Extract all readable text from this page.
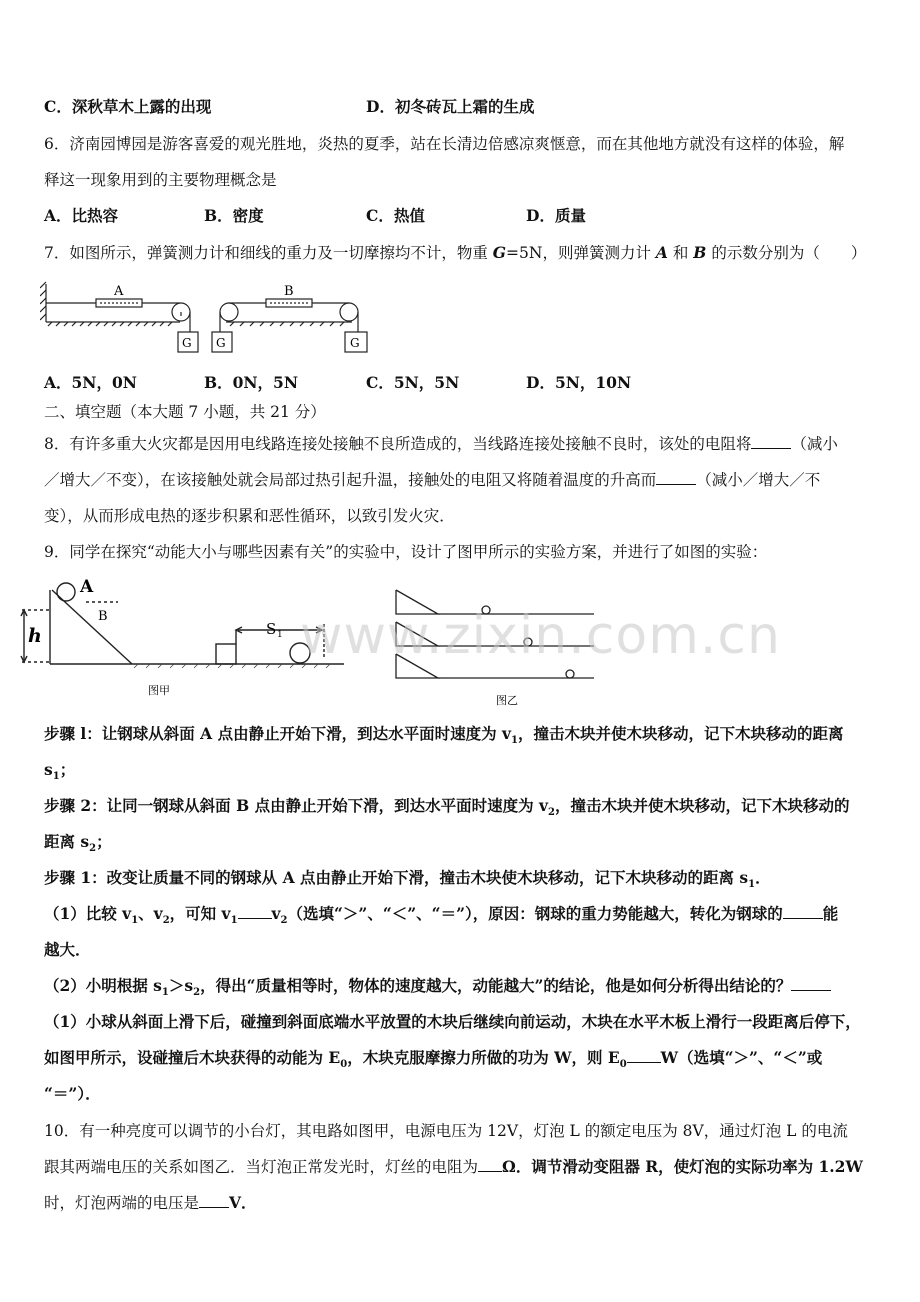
C．深秋草木上露的出现	D．初冬砖瓦上霜的生成
6．济南园博园是游客喜爱的观光胜地，炎热的夏季，站在长清边倍感凉爽惬意，而在其他地方就没有这样的体验，解
释这一现象用到的主要物理概念是
A．比热容	B．密度	C．热值	D．质量
7．如图所示，弹簧测力计和细线的重力及一切摩擦均不计，物重 G=5N，则弹簧测力计 A 和 B 的示数分别为（　　）
A	B
G G	G
A．5N，0N	B．0N，5N	C．5N，5N	D．5N，10N
二、填空题（本大题 7 小题，共 21 分）
8．有许多重大火灾都是因用电线路连接处接触不良所造成的，当线路连接处接触不良时，该处的电阻将	（减小
／增大／不变），在该接触处就会局部过热引起升温，接触处的电阻又将随着温度的升高而	（减小／增大／不
变），从而形成电热的逐步积累和恶性循环，以致引发火灾．
9．同学在探究“动能大小与哪些因素有关”的实验中，设计了图甲所示的实验方案，并进行了如图的实验：
A
B
h	S 1
图甲
图乙
www.zixin.com.cn
步骤 l：让钢球从斜面 A 点由静止开始下滑，到达水平面时速度为 $v_1$，撞击木块并使木块移动，记下木块移动的距离
$s_1$；
步骤 2：让同一钢球从斜面 B 点由静止开始下滑，到达水平面时速度为 $v_2$，撞击木块并使木块移动，记下木块移动的
距离 $s_2$；
步骤 1：改变让质量不同的钢球从 A 点由静止开始下滑，撞击木块使木块移动，记下木块移动的距离 $s_1$．
（1）比较 $v_1$、$v_2$，可知 $v_1$ $v_2$（选填“＞”、“＜”、“＝”），原因：钢球的重力势能越大，转化为钢球的	能
越大．
（2）小明根据 $s_1>s_2$，得出“质量相等时，物体的速度越大，动能越大”的结论，他是如何分析得出结论的？
（1）小球从斜面上滑下后，碰撞到斜面底端水平放置的木块后继续向前运动，木块在水平木板上滑行一段距离后停下，
如图甲所示，设碰撞后木块获得的动能为 $E_0$，木块克服摩擦力所做的功为 W，则 $E_0$ W（选填“＞”、“＜”或
“＝”）．
10．有一种亮度可以调节的小台灯，其电路如图甲，电源电压为 12V，灯泡 L 的额定电压为 8V，通过灯泡 L 的电流
跟其两端电压的关系如图乙．当灯泡正常发光时，灯丝的电阻为 Ω．调节滑动变阻器 R，使灯泡的实际功率为 1.2W
时，灯泡两端的电压是 V．
